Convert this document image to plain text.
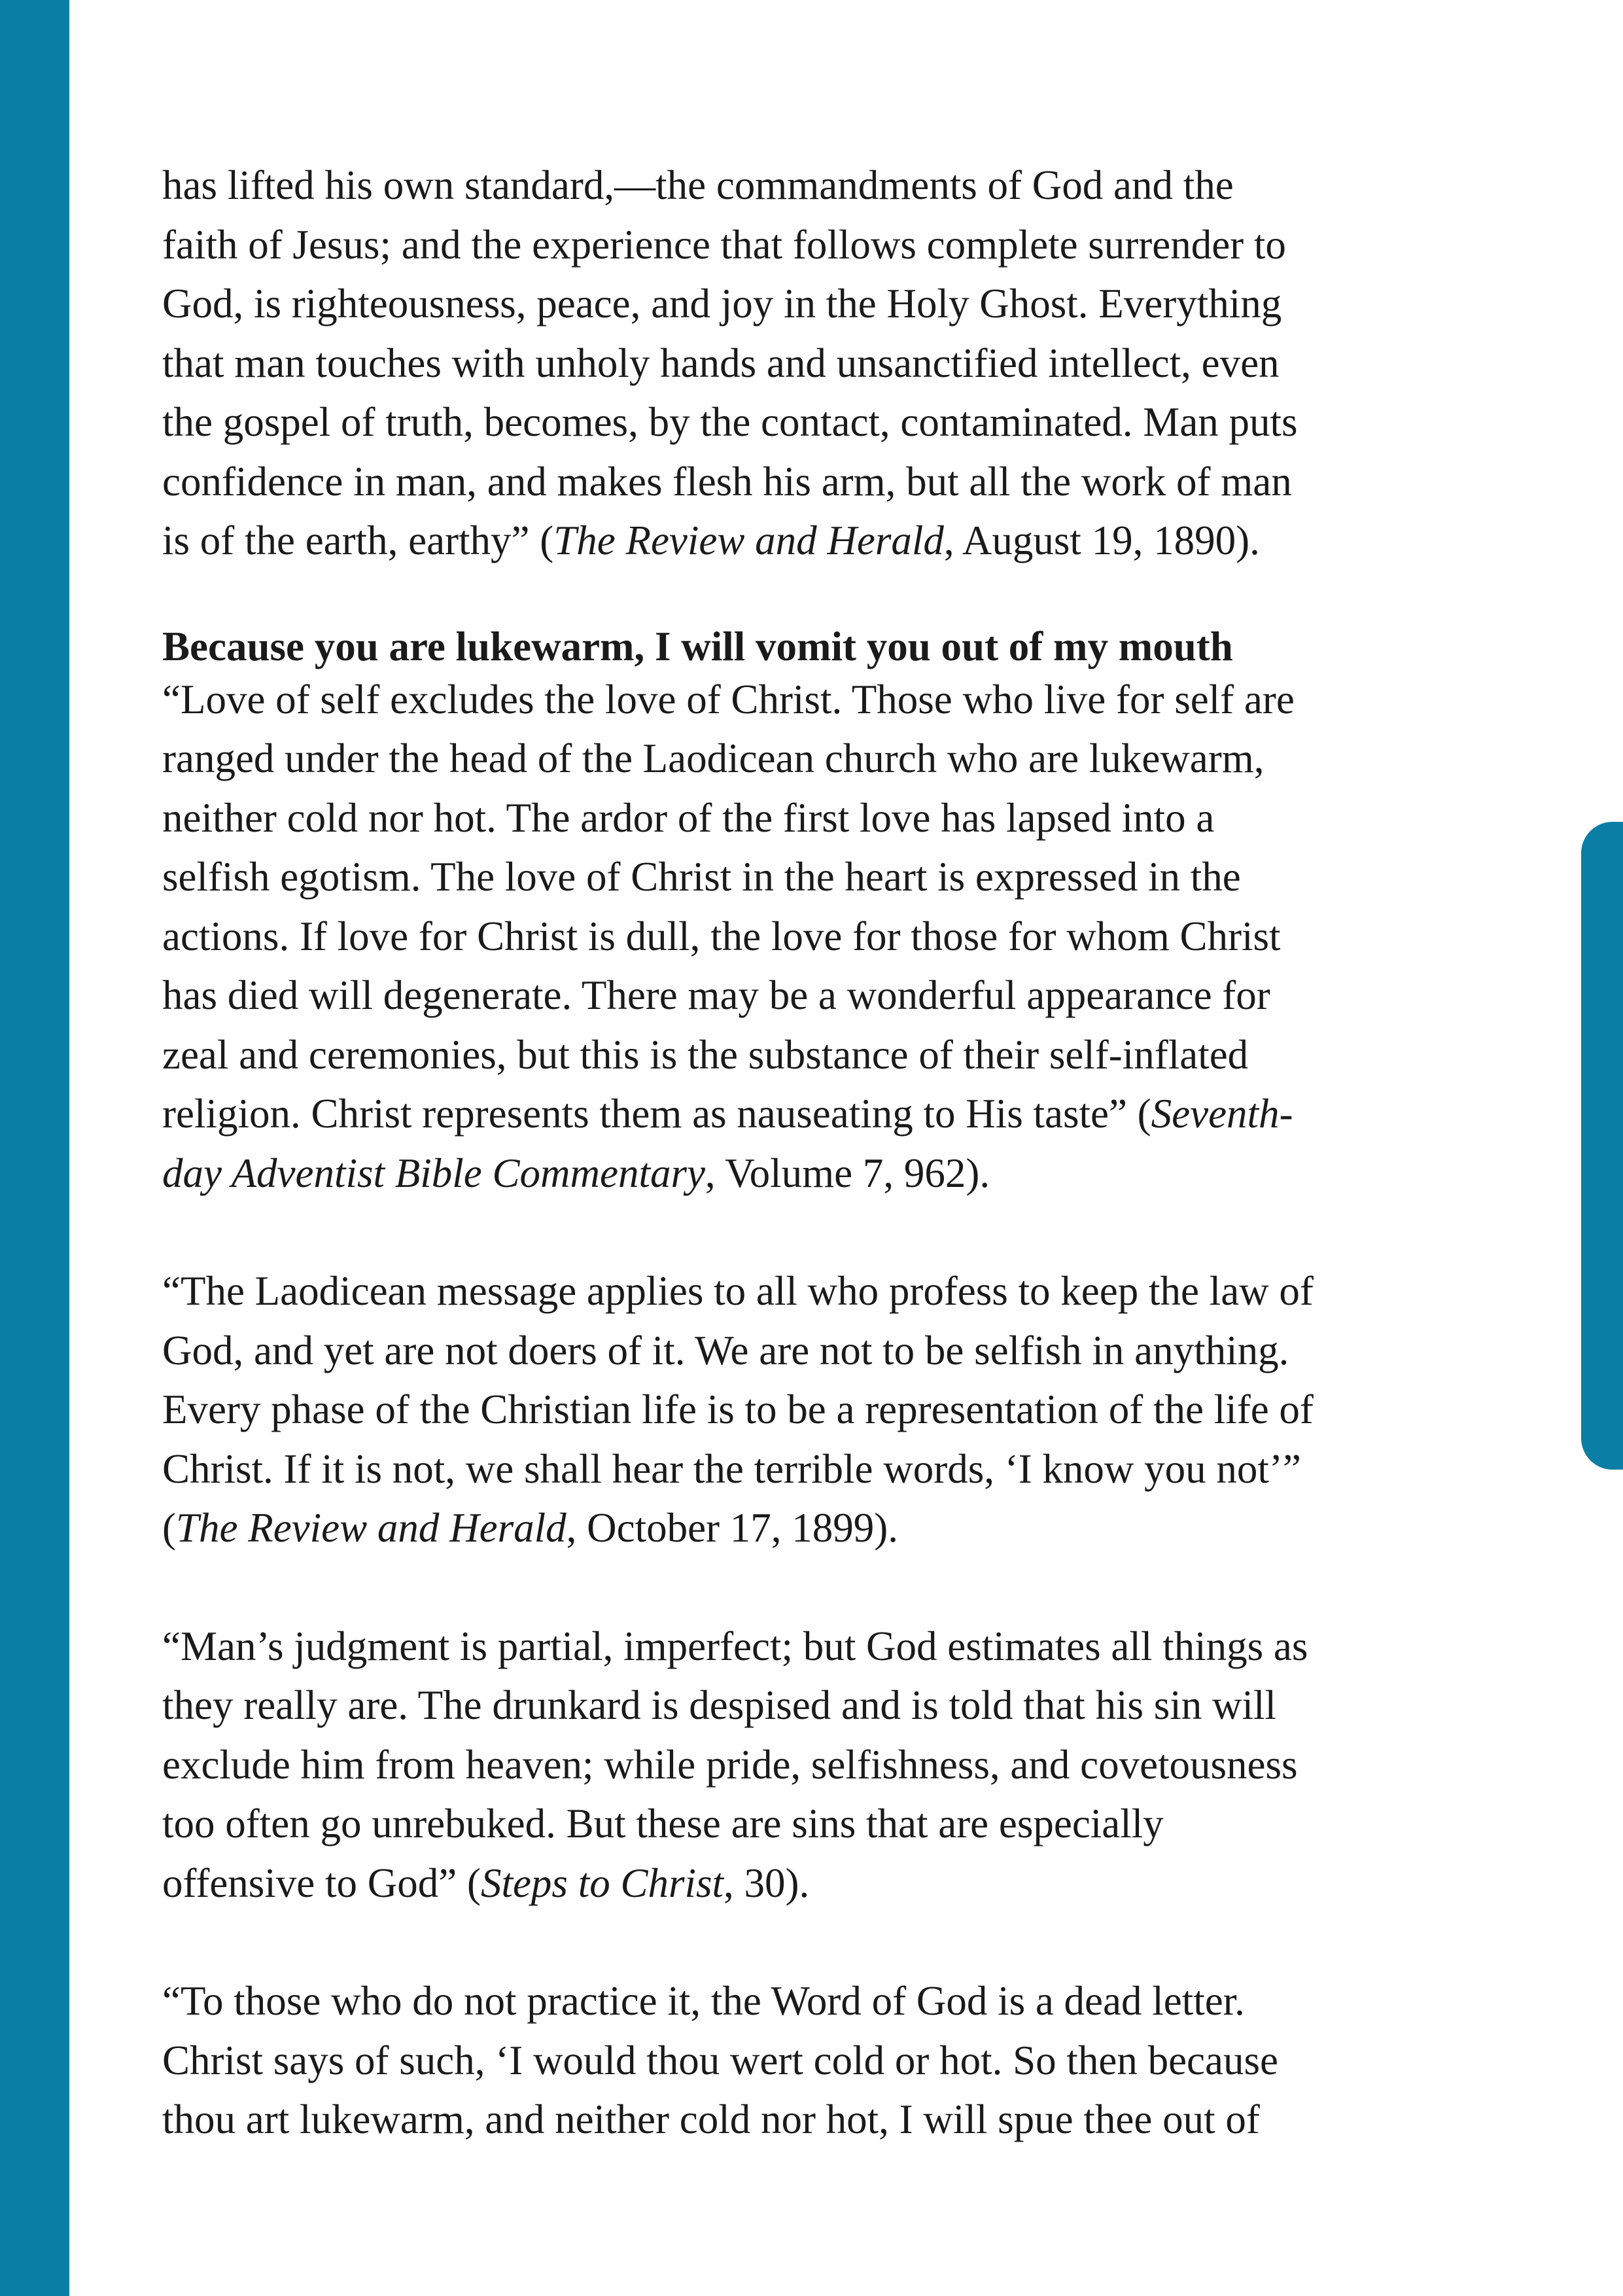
has lifted his own standard,—the commandments of God and the
faith of Jesus; and the experience that follows complete surrender to
God, is righteousness, peace, and joy in the Holy Ghost. Everything
that man touches with unholy hands and unsanctified intellect, even
the gospel of truth, becomes, by the contact, contaminated. Man puts
confidence in man, and makes flesh his arm, but all the work of man
is of the earth, earthy” (The Review and Herald, August 19, 1890).
Because you are lukewarm, I will vomit you out of my mouth
“Love of self excludes the love of Christ. Those who live for self are
ranged under the head of the Laodicean church who are lukewarm,
neither cold nor hot. The ardor of the first love has lapsed into a
selfish egotism. The love of Christ in the heart is expressed in the
actions. If love for Christ is dull, the love for those for whom Christ
has died will degenerate. There may be a wonderful appearance for
zeal and ceremonies, but this is the substance of their self-inflated
religion. Christ represents them as nauseating to His taste” (Seventh-
day Adventist Bible Commentary, Volume 7, 962).
“The Laodicean message applies to all who profess to keep the law of
God, and yet are not doers of it. We are not to be selfish in anything.
Every phase of the Christian life is to be a representation of the life of
Christ. If it is not, we shall hear the terrible words, ‘I know you not’”
(The Review and Herald, October 17, 1899).
“Man’s judgment is partial, imperfect; but God estimates all things as
they really are. The drunkard is despised and is told that his sin will
exclude him from heaven; while pride, selfishness, and covetousness
too often go unrebuked. But these are sins that are especially
offensive to God” (Steps to Christ, 30).
“To those who do not practice it, the Word of God is a dead letter.
Christ says of such, ‘I would thou wert cold or hot. So then because
thou art lukewarm, and neither cold nor hot, I will spue thee out of
